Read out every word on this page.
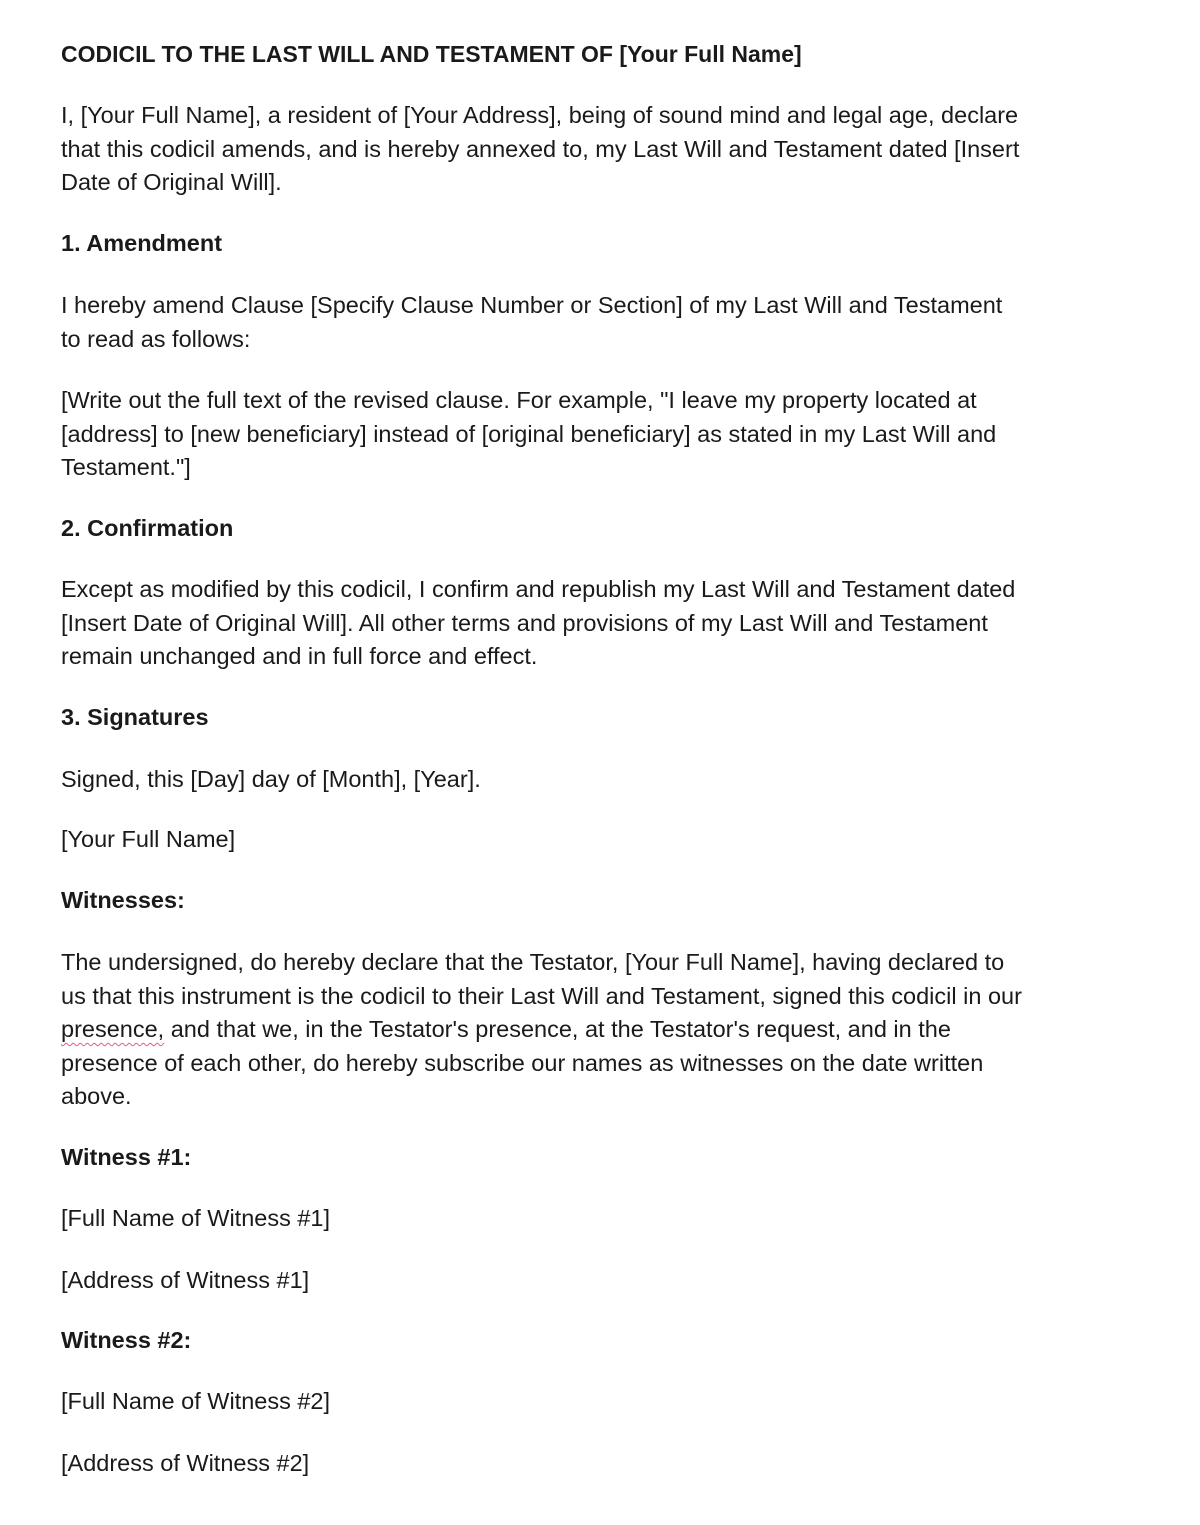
CODICIL TO THE LAST WILL AND TESTAMENT OF [Your Full Name]

I, [Your Full Name], a resident of [Your Address], being of sound mind and legal age, declare
that this codicil amends, and is hereby annexed to, my Last Will and Testament dated [Insert
Date of Original Will].

1. Amendment

I hereby amend Clause [Specify Clause Number or Section] of my Last Will and Testament
to read as follows:

[Write out the full text of the revised clause. For example, "I leave my property located at
[address] to [new beneficiary] instead of [original beneficiary] as stated in my Last Will and
Testament."]

2. Confirmation

Except as modified by this codicil, I confirm and republish my Last Will and Testament dated
[Insert Date of Original Will]. All other terms and provisions of my Last Will and Testament
remain unchanged and in full force and effect.

3. Signatures

Signed, this [Day] day of [Month], [Year].

[Your Full Name]

Witnesses:

The undersigned, do hereby declare that the Testator, [Your Full Name], having declared to
us that this instrument is the codicil to their Last Will and Testament, signed this codicil in our
presence, and that we, in the Testator's presence, at the Testator's request, and in the
presence of each other, do hereby subscribe our names as witnesses on the date written
above.

Witness #1:

[Full Name of Witness #1]

[Address of Witness #1]

Witness #2:

[Full Name of Witness #2]

[Address of Witness #2]
